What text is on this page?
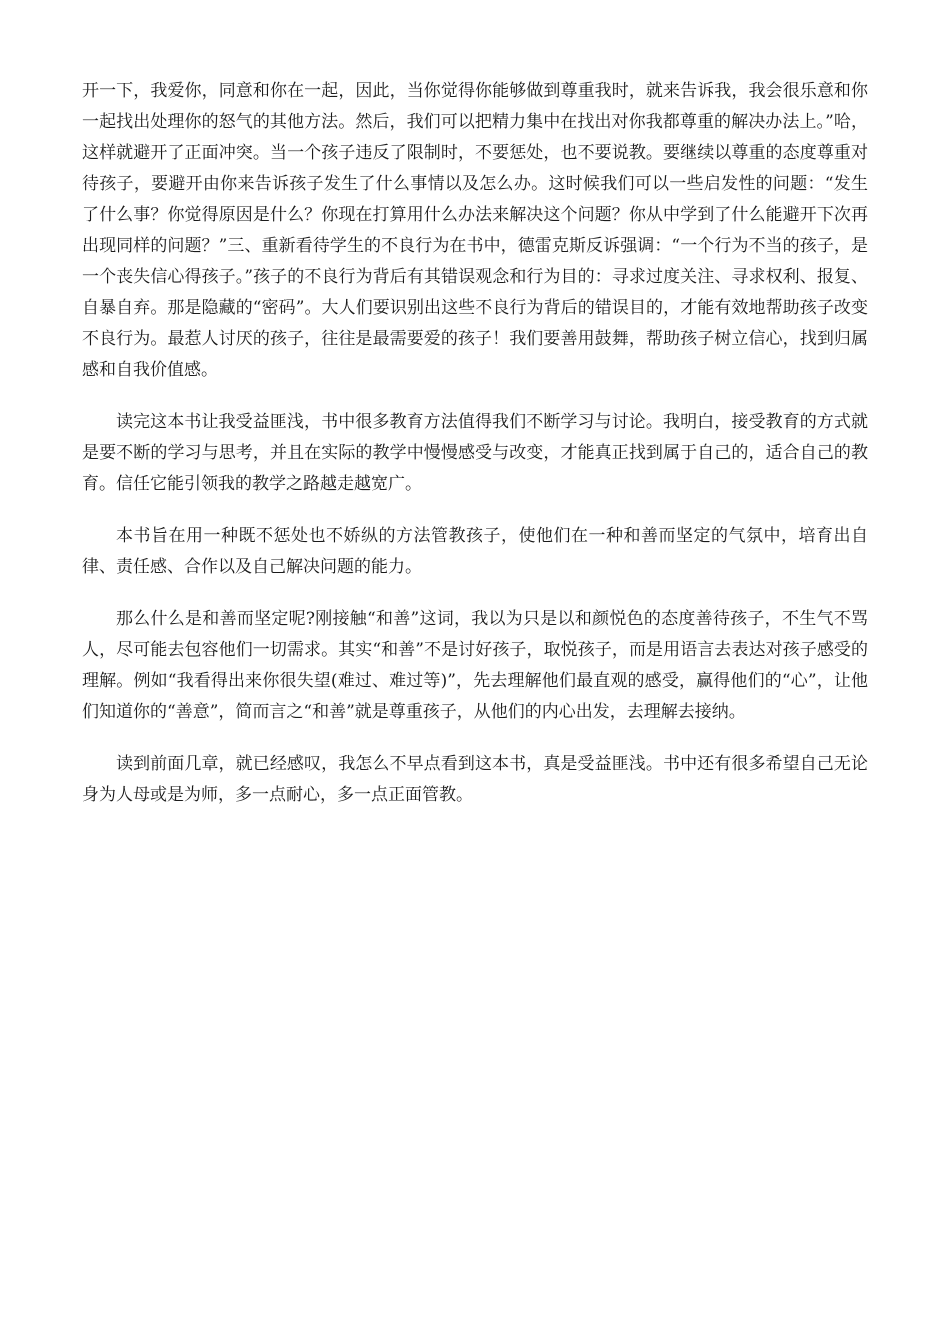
开一下，我爱你，同意和你在一起，因此，当你觉得你能够做到尊重我时，就来告诉我，我会很乐意和你一起找出处理你的怒气的其他方法。然后，我们可以把精力集中在找出对你我都尊重的解决办法上。”哈，这样就避开了正面冲突。当一个孩子违反了限制时，不要惩处，也不要说教。要继续以尊重的态度尊重对待孩子，要避开由你来告诉孩子发生了什么事情以及怎么办。这时候我们可以一些启发性的问题：“发生了什么事？你觉得原因是什么？你现在打算用什么办法来解决这个问题？你从中学到了什么能避开下次再出现同样的问题？”三、重新看待学生的不良行为在书中，德雷克斯反诉强调：“一个行为不当的孩子，是一个丧失信心得孩子。”孩子的不良行为背后有其错误观念和行为目的：寻求过度关注、寻求权利、报复、自暴自弃。那是隐藏的“密码”。大人们要识别出这些不良行为背后的错误目的，才能有效地帮助孩子改变不良行为。最惹人讨厌的孩子，往往是最需要爱的孩子！我们要善用鼓舞，帮助孩子树立信心，找到归属感和自我价值感。

读完这本书让我受益匪浅，书中很多教育方法值得我们不断学习与讨论。我明白，接受教育的方式就是要不断的学习与思考，并且在实际的教学中慢慢感受与改变，才能真正找到属于自己的，适合自己的教育。信任它能引领我的教学之路越走越宽广。

本书旨在用一种既不惩处也不娇纵的方法管教孩子，使他们在一种和善而坚定的气氛中，培育出自律、责任感、合作以及自己解决问题的能力。

那么什么是和善而坚定呢?刚接触“和善”这词，我以为只是以和颜悦色的态度善待孩子，不生气不骂人，尽可能去包容他们一切需求。其实“和善”不是讨好孩子，取悦孩子，而是用语言去表达对孩子感受的理解。例如“我看得出来你很失望(难过、难过等)”，先去理解他们最直观的感受，赢得他们的“心”，让他们知道你的“善意”，简而言之“和善”就是尊重孩子，从他们的内心出发，去理解去接纳。

读到前面几章，就已经感叹，我怎么不早点看到这本书，真是受益匪浅。书中还有很多希望自己无论身为人母或是为师，多一点耐心，多一点正面管教。
